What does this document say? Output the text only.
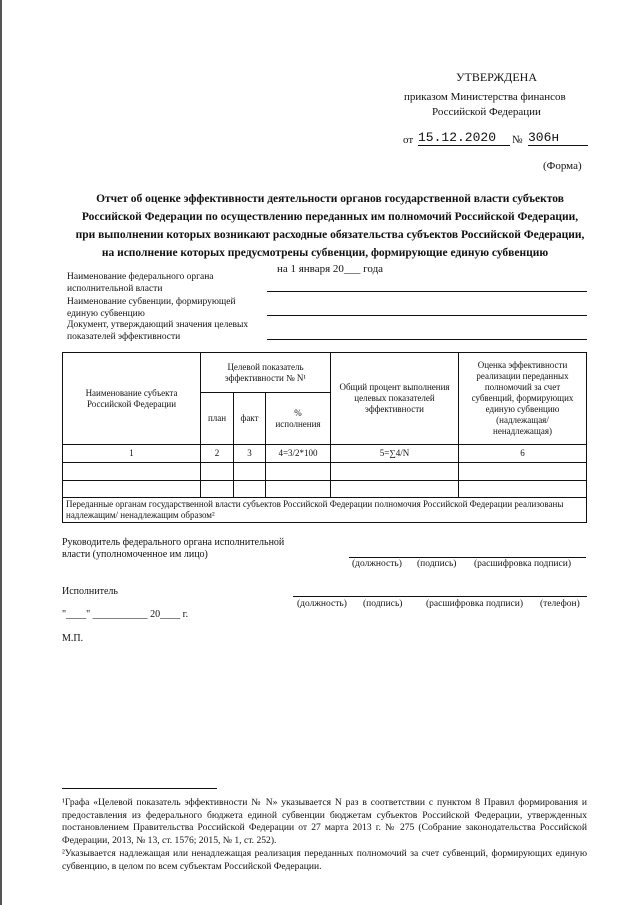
УТВЕРЖДЕНА
приказом Министерства финансов
Российской Федерации
от 15.12.2020	№ 306н
(Форма)
Отчет об оценке эффективности деятельности органов государственной власти субъектов
Российской Федерации по осуществлению переданных им полномочий Российской Федерации,
при выполнении которых возникают расходные обязательства субъектов Российской Федерации,
на исполнение которых предусмотрены субвенции, формирующие единую субвенцию
на 1 января 20___ года
Наименование федерального органа
исполнительной власти
Наименование субвенции, формирующей
единую субвенцию
Документ, утверждающий значения целевых
показателей эффективности
Наименование субъекта Российской Федерации
Целевой показатель эффективности № N¹
план	факт
% исполнения
Общий процент выполнения целевых показателей эффективности
Оценка эффективности реализации переданных полномочий за счет субвенций, формирующих единую субвенцию (надлежащая/ ненадлежащая)
1	2	3	4=3/2*100	5=∑4/N	6
Переданные органам государственной власти субъектов Российской Федерации полномочия Российской Федерации реализованы надлежащим/ ненадлежащим образом²
Руководитель федерального органа исполнительной
власти (уполномоченное им лицо)
(должность) (подпись) (расшифровка подписи)
Исполнитель
(должность) (подпись) (расшифровка подписи) (телефон)
"____" ___________ 20____ г.
М.П.
¹Графа «Целевой показатель эффективности № N» указывается N раз в соответствии с пунктом 8 Правил формирования и предоставления из федерального бюджета единой субвенции бюджетам субъектов Российской Федерации, утвержденных постановлением Правительства Российской Федерации от 27 марта 2013 г. № 275 (Собрание законодательства Российской Федерации, 2013, № 13, ст. 1576; 2015, № 1, ст. 252).
²Указывается надлежащая или ненадлежащая реализация переданных полномочий за счет субвенций, формирующих единую субвенцию, в целом по всем субъектам Российской Федерации.
